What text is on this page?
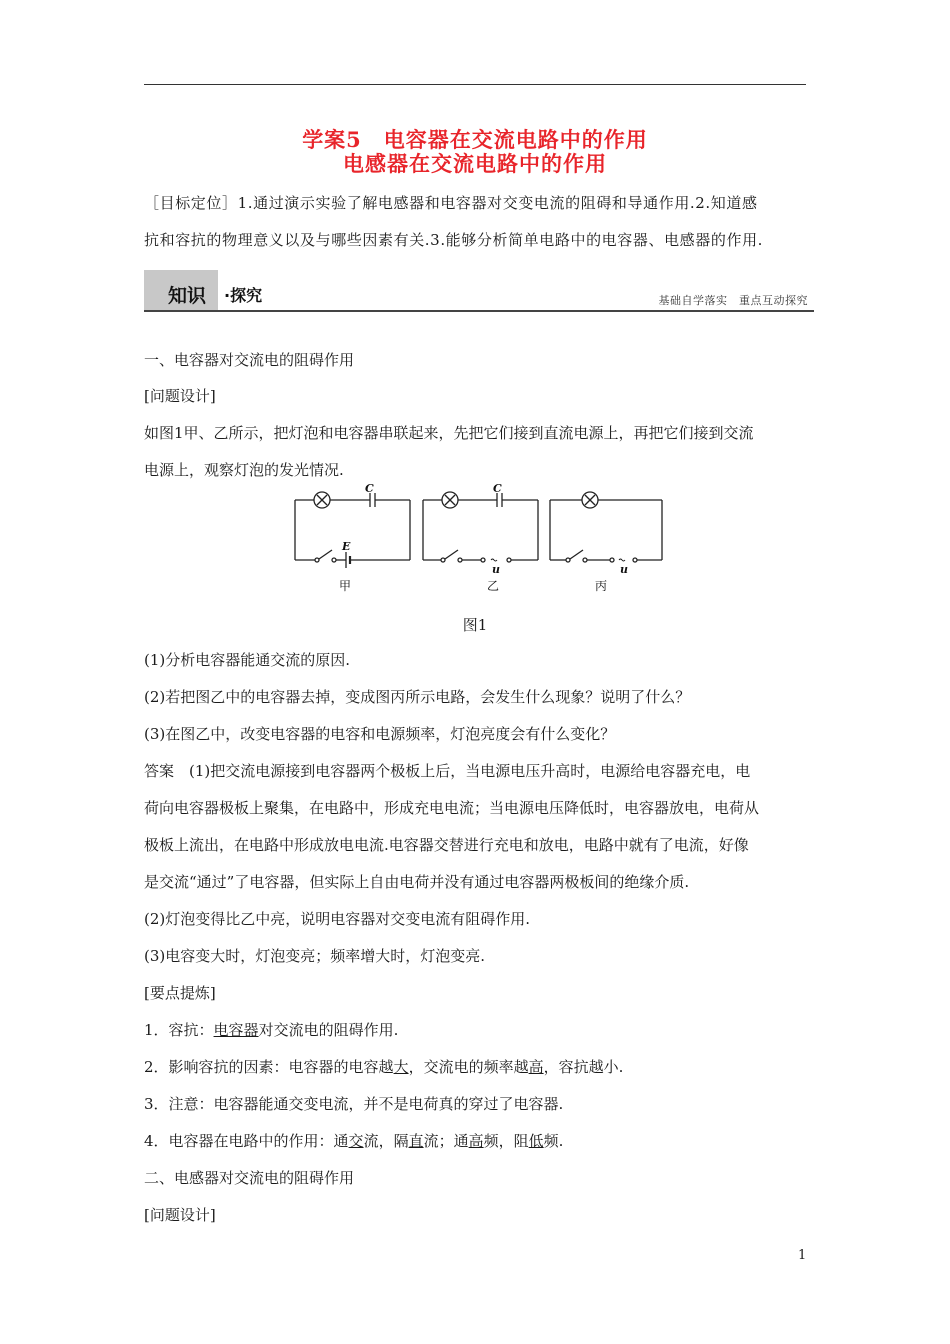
学案5　电容器在交流电路中的作用
电感器在交流电路中的作用
［目标定位］1.通过演示实验了解电感器和电容器对交变电流的阻碍和导通作用.2.知道感
抗和容抗的物理意义以及与哪些因素有关.3.能够分析简单电路中的电容器、电感器的作用.
知识 ·探究	基础自学落实　重点互动探究
一、电容器对交流电的阻碍作用
[问题设计]
如图1甲、乙所示，把灯泡和电容器串联起来，先把它们接到直流电源上，再把它们接到交流
电源上，观察灯泡的发光情况.
C	C
E
u	u
甲	乙	丙
图1
(1)分析电容器能通交流的原因.
(2)若把图乙中的电容器去掉，变成图丙所示电路，会发生什么现象？说明了什么？
(3)在图乙中，改变电容器的电容和电源频率，灯泡亮度会有什么变化？
答案　(1)把交流电源接到电容器两个极板上后，当电源电压升高时，电源给电容器充电，电
荷向电容器极板上聚集，在电路中，形成充电电流；当电源电压降低时，电容器放电，电荷从
极板上流出，在电路中形成放电电流.电容器交替进行充电和放电，电路中就有了电流，好像
是交流“通过”了电容器，但实际上自由电荷并没有通过电容器两极板间的绝缘介质.
(2)灯泡变得比乙中亮，说明电容器对交变电流有阻碍作用.
(3)电容变大时，灯泡变亮；频率增大时，灯泡变亮.
[要点提炼]
1．容抗：电容器对交流电的阻碍作用.
2．影响容抗的因素：电容器的电容越大，交流电的频率越高，容抗越小.
3．注意：电容器能通交变电流，并不是电荷真的穿过了电容器.
4．电容器在电路中的作用：通交流，隔直流；通高频，阻低频.
二、电感器对交流电的阻碍作用
[问题设计]
1
